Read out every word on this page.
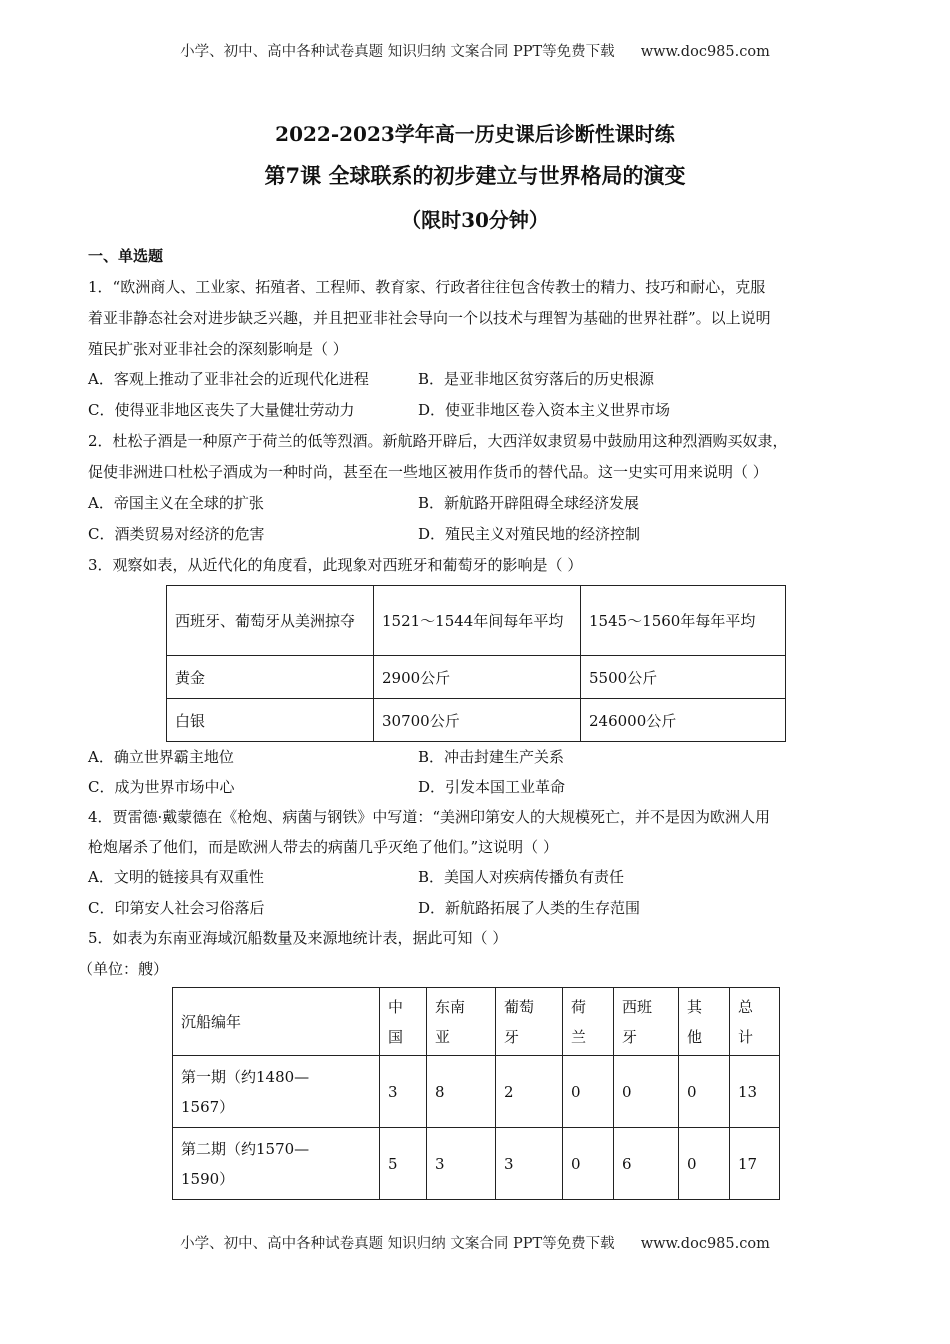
小学、初中、高中各种试卷真题 知识归纳 文案合同 PPT等免费下载 www.doc985.com
2022-2023学年高一历史课后诊断性课时练
第7课 全球联系的初步建立与世界格局的演变
（限时30分钟）
一、单选题
1．“欧洲商人、工业家、拓殖者、工程师、教育家、行政者往往包含传教士的精力、技巧和耐心，克服
着亚非静态社会对进步缺乏兴趣，并且把亚非社会导向一个以技术与理智为基础的世界社群”。以上说明
殖民扩张对亚非社会的深刻影响是（ ）
A．客观上推动了亚非社会的近现代化进程	B．是亚非地区贫穷落后的历史根源
C．使得亚非地区丧失了大量健壮劳动力	D．使亚非地区卷入资本主义世界市场
2．杜松子酒是一种原产于荷兰的低等烈酒。新航路开辟后，大西洋奴隶贸易中鼓励用这种烈酒购买奴隶，
促使非洲进口杜松子酒成为一种时尚，甚至在一些地区被用作货币的替代品。这一史实可用来说明（ ）
A．帝国主义在全球的扩张	B．新航路开辟阻碍全球经济发展
C．酒类贸易对经济的危害	D．殖民主义对殖民地的经济控制
3．观察如表，从近代化的角度看，此现象对西班牙和葡萄牙的影响是（ ）
西班牙、葡萄牙从美洲掠夺	1521～1544年间每年平均	1545～1560年每年平均
黄金	2900公斤	5500公斤
白银	30700公斤	246000公斤
A．确立世界霸主地位	B．冲击封建生产关系
C．成为世界市场中心	D．引发本国工业革命
4．贾雷德·戴蒙德在《枪炮、病菌与钢铁》中写道：“美洲印第安人的大规模死亡，并不是因为欧洲人用
枪炮屠杀了他们，而是欧洲人带去的病菌几乎灭绝了他们。”这说明（ ）
A．文明的链接具有双重性	B．美国人对疾病传播负有责任
C．印第安人社会习俗落后	D．新航路拓展了人类的生存范围
5．如表为东南亚海域沉船数量及来源地统计表，据此可知（ ）
（单位：艘）
沉船编年	中国	东南亚	葡萄牙	荷兰	西班牙	其他	总计
第一期（约1480—1567）	3	8	2	0	0	0	13
第二期（约1570—1590）	5	3	3	0	6	0	17
小学、初中、高中各种试卷真题 知识归纳 文案合同 PPT等免费下载 www.doc985.com
